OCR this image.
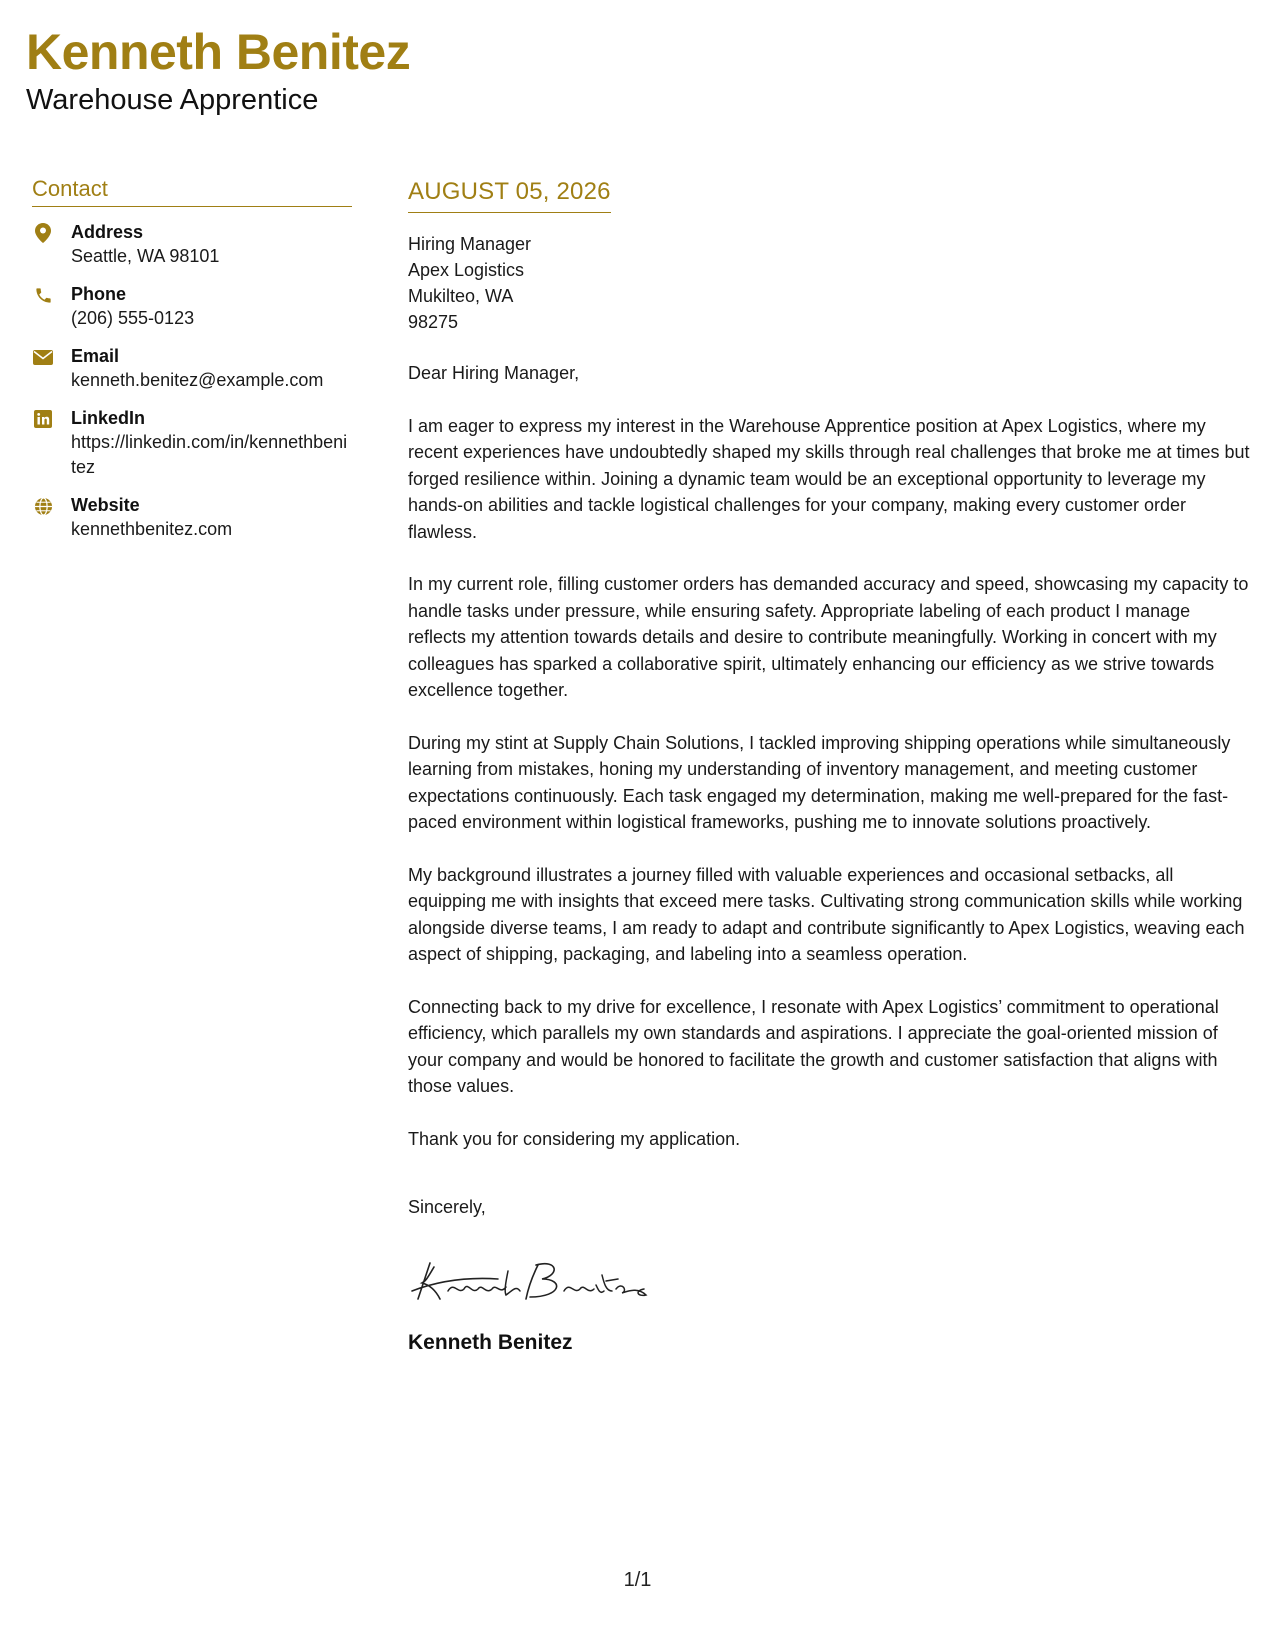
Kenneth Benitez
Warehouse Apprentice
Contact
Address
Seattle, WA 98101
Phone
(206) 555-0123
Email
kenneth.benitez@example.com
LinkedIn
https://linkedin.com/in/kennethbenitez
Website
kennethbenitez.com
AUGUST 05, 2026
Hiring Manager
Apex Logistics
Mukilteo, WA
98275

Dear Hiring Manager,

I am eager to express my interest in the Warehouse Apprentice position at Apex Logistics, where my recent experiences have undoubtedly shaped my skills through real challenges that broke me at times but forged resilience within. Joining a dynamic team would be an exceptional opportunity to leverage my hands-on abilities and tackle logistical challenges for your company, making every customer order flawless.

In my current role, filling customer orders has demanded accuracy and speed, showcasing my capacity to handle tasks under pressure, while ensuring safety. Appropriate labeling of each product I manage reflects my attention towards details and desire to contribute meaningfully. Working in concert with my colleagues has sparked a collaborative spirit, ultimately enhancing our efficiency as we strive towards excellence together.

During my stint at Supply Chain Solutions, I tackled improving shipping operations while simultaneously learning from mistakes, honing my understanding of inventory management, and meeting customer expectations continuously. Each task engaged my determination, making me well-prepared for the fast-paced environment within logistical frameworks, pushing me to innovate solutions proactively.

My background illustrates a journey filled with valuable experiences and occasional setbacks, all equipping me with insights that exceed mere tasks. Cultivating strong communication skills while working alongside diverse teams, I am ready to adapt and contribute significantly to Apex Logistics, weaving each aspect of shipping, packaging, and labeling into a seamless operation.

Connecting back to my drive for excellence, I resonate with Apex Logistics’ commitment to operational efficiency, which parallels my own standards and aspirations. I appreciate the goal-oriented mission of your company and would be honored to facilitate the growth and customer satisfaction that aligns with those values.

Thank you for considering my application.

Sincerely,

Kenneth Benitez
1/1
